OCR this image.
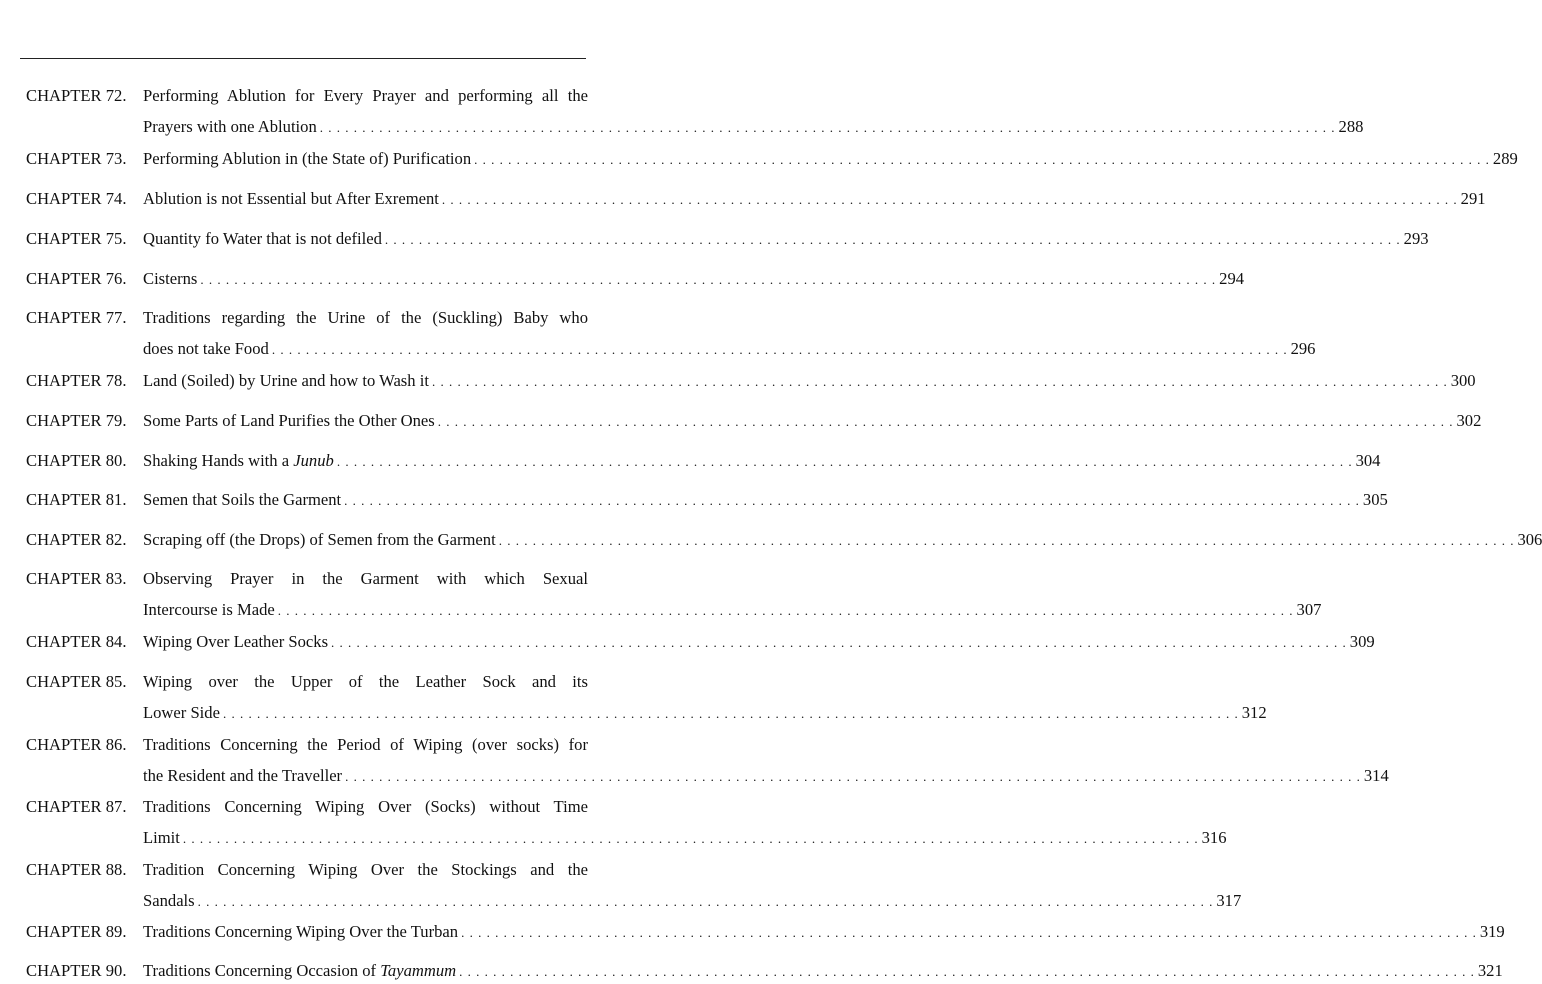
CHAPTER 72. Performing Ablution for Every Prayer and performing all the
Prayers with one Ablution . . . . . . . . . . . . . . . . . . . . . . . . . . . . . . . . . . . . . . . . . . . . . . . . . . . . . . . . . . . . . . . . . . . . . . . . . . . . . . . . . . . . . . . . . . . . . . . . . . . . . . . . . . . . . . . . . . . . . . . . 288
CHAPTER 73. Performing Ablution in (the State of) Purification . . . . . . . . . . . . . . . . . . . . . . . . . . . . . . . . . . . . . . . . . . . . . . . . . . . . . . . . . . . . . . . . . . . . . . . . . . . . . . . . . . . . . . . . . . . . . . . . . . . . . . . . . . . . . . . . . . . . . . . . 289
CHAPTER 74. Ablution is not Essential but After Exrement . . . . . . . . . . . . . . . . . . . . . . . . . . . . . . . . . . . . . . . . . . . . . . . . . . . . . . . . . . . . . . . . . . . . . . . . . . . . . . . . . . . . . . . . . . . . . . . . . . . . . . . . . . . . . . . . . . . . . . . . 291
CHAPTER 75. Quantity fo Water that is not defiled . . . . . . . . . . . . . . . . . . . . . . . . . . . . . . . . . . . . . . . . . . . . . . . . . . . . . . . . . . . . . . . . . . . . . . . . . . . . . . . . . . . . . . . . . . . . . . . . . . . . . . . . . . . . . . . . . . . . . . . . 293
CHAPTER 76. Cisterns . . . . . . . . . . . . . . . . . . . . . . . . . . . . . . . . . . . . . . . . . . . . . . . . . . . . . . . . . . . . . . . . . . . . . . . . . . . . . . . . . . . . . . . . . . . . . . . . . . . . . . . . . . . . . . . . . . . . . . . . 294
CHAPTER 77. Traditions regarding the Urine of the (Suckling) Baby who
does not take Food . . . . . . . . . . . . . . . . . . . . . . . . . . . . . . . . . . . . . . . . . . . . . . . . . . . . . . . . . . . . . . . . . . . . . . . . . . . . . . . . . . . . . . . . . . . . . . . . . . . . . . . . . . . . . . . . . . . . . . . . 296
CHAPTER 78. Land (Soiled) by Urine and how to Wash it . . . . . . . . . . . . . . . . . . . . . . . . . . . . . . . . . . . . . . . . . . . . . . . . . . . . . . . . . . . . . . . . . . . . . . . . . . . . . . . . . . . . . . . . . . . . . . . . . . . . . . . . . . . . . . . . . . . . . . . . 300
CHAPTER 79. Some Parts of Land Purifies the Other Ones . . . . . . . . . . . . . . . . . . . . . . . . . . . . . . . . . . . . . . . . . . . . . . . . . . . . . . . . . . . . . . . . . . . . . . . . . . . . . . . . . . . . . . . . . . . . . . . . . . . . . . . . . . . . . . . . . . . . . . . . 302
CHAPTER 80. Shaking Hands with a Junub . . . . . . . . . . . . . . . . . . . . . . . . . . . . . . . . . . . . . . . . . . . . . . . . . . . . . . . . . . . . . . . . . . . . . . . . . . . . . . . . . . . . . . . . . . . . . . . . . . . . . . . . . . . . . . . . . . . . . . . . 304
CHAPTER 81. Semen that Soils the Garment . . . . . . . . . . . . . . . . . . . . . . . . . . . . . . . . . . . . . . . . . . . . . . . . . . . . . . . . . . . . . . . . . . . . . . . . . . . . . . . . . . . . . . . . . . . . . . . . . . . . . . . . . . . . . . . . . . . . . . . . 305
CHAPTER 82. Scraping off (the Drops) of Semen from the Garment . . . . . . . . . . . . . . . . . . . . . . . . . . . . . . . . . . . . . . . . . . . . . . . . . . . . . . . . . . . . . . . . . . . . . . . . . . . . . . . . . . . . . . . . . . . . . . . . . . . . . . . . . . . . . . . . . . . . . . . . 306
CHAPTER 83. Observing Prayer in the Garment with which Sexual
Intercourse is Made . . . . . . . . . . . . . . . . . . . . . . . . . . . . . . . . . . . . . . . . . . . . . . . . . . . . . . . . . . . . . . . . . . . . . . . . . . . . . . . . . . . . . . . . . . . . . . . . . . . . . . . . . . . . . . . . . . . . . . . . 307
CHAPTER 84. Wiping Over Leather Socks . . . . . . . . . . . . . . . . . . . . . . . . . . . . . . . . . . . . . . . . . . . . . . . . . . . . . . . . . . . . . . . . . . . . . . . . . . . . . . . . . . . . . . . . . . . . . . . . . . . . . . . . . . . . . . . . . . . . . . . . 309
CHAPTER 85. Wiping over the Upper of the Leather Sock and its
Lower Side . . . . . . . . . . . . . . . . . . . . . . . . . . . . . . . . . . . . . . . . . . . . . . . . . . . . . . . . . . . . . . . . . . . . . . . . . . . . . . . . . . . . . . . . . . . . . . . . . . . . . . . . . . . . . . . . . . . . . . . . 312
CHAPTER 86. Traditions Concerning the Period of Wiping (over socks) for
the Resident and the Traveller . . . . . . . . . . . . . . . . . . . . . . . . . . . . . . . . . . . . . . . . . . . . . . . . . . . . . . . . . . . . . . . . . . . . . . . . . . . . . . . . . . . . . . . . . . . . . . . . . . . . . . . . . . . . . . . . . . . . . . . . 314
CHAPTER 87. Traditions Concerning Wiping Over (Socks) without Time
Limit . . . . . . . . . . . . . . . . . . . . . . . . . . . . . . . . . . . . . . . . . . . . . . . . . . . . . . . . . . . . . . . . . . . . . . . . . . . . . . . . . . . . . . . . . . . . . . . . . . . . . . . . . . . . . . . . . . . . . . . . 316
CHAPTER 88. Tradition Concerning Wiping Over the Stockings and the
Sandals . . . . . . . . . . . . . . . . . . . . . . . . . . . . . . . . . . . . . . . . . . . . . . . . . . . . . . . . . . . . . . . . . . . . . . . . . . . . . . . . . . . . . . . . . . . . . . . . . . . . . . . . . . . . . . . . . . . . . . . . 317
CHAPTER 89. Traditions Concerning Wiping Over the Turban . . . . . . . . . . . . . . . . . . . . . . . . . . . . . . . . . . . . . . . . . . . . . . . . . . . . . . . . . . . . . . . . . . . . . . . . . . . . . . . . . . . . . . . . . . . . . . . . . . . . . . . . . . . . . . . . . . . . . . . . 319
CHAPTER 90. Traditions Concerning Occasion of Tayammum . . . . . . . . . . . . . . . . . . . . . . . . . . . . . . . . . . . . . . . . . . . . . . . . . . . . . . . . . . . . . . . . . . . . . . . . . . . . . . . . . . . . . . . . . . . . . . . . . . . . . . . . . . . . . . . . . . . . . . . . 321
